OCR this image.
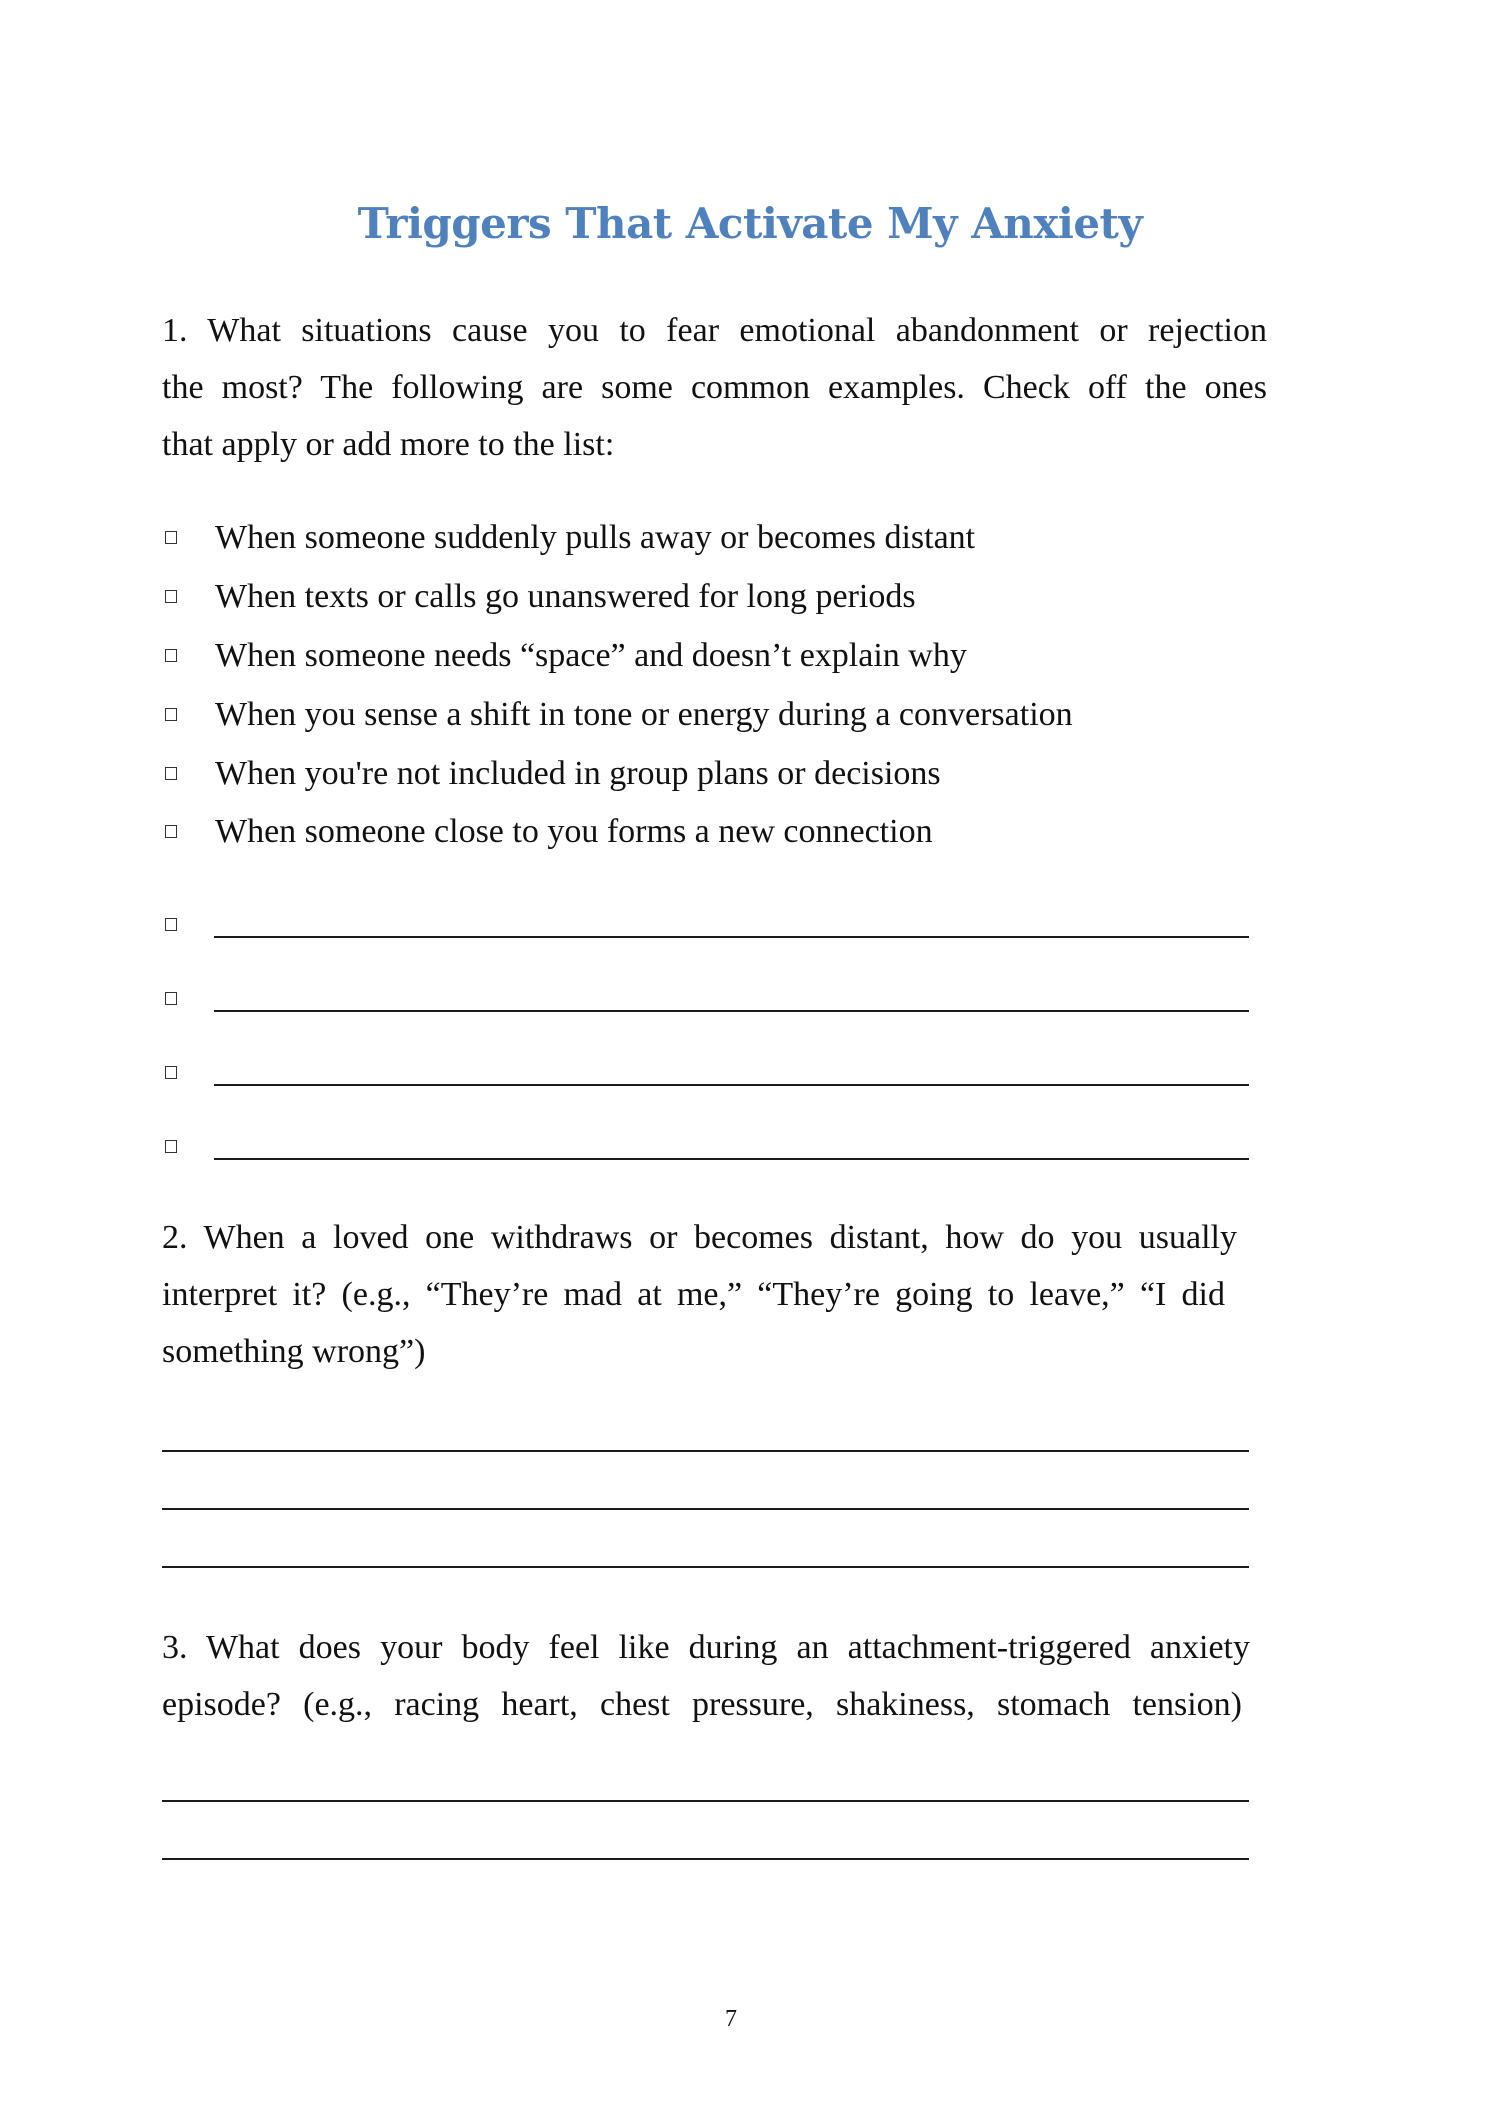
Triggers That Activate My Anxiety
1. What situations cause you to fear emotional abandonment or rejection
the most? The following are some common examples. Check off the ones
that apply or add more to the list:
When someone suddenly pulls away or becomes distant
When texts or calls go unanswered for long periods
When someone needs “space” and doesn’t explain why
When you sense a shift in tone or energy during a conversation
When you're not included in group plans or decisions
When someone close to you forms a new connection
2. When a loved one withdraws or becomes distant, how do you usually
interpret it? (e.g., “They’re mad at me,” “They’re going to leave,” “I did
something wrong”)
3. What does your body feel like during an attachment-triggered anxiety
episode? (e.g., racing heart, chest pressure, shakiness, stomach tension)
7
